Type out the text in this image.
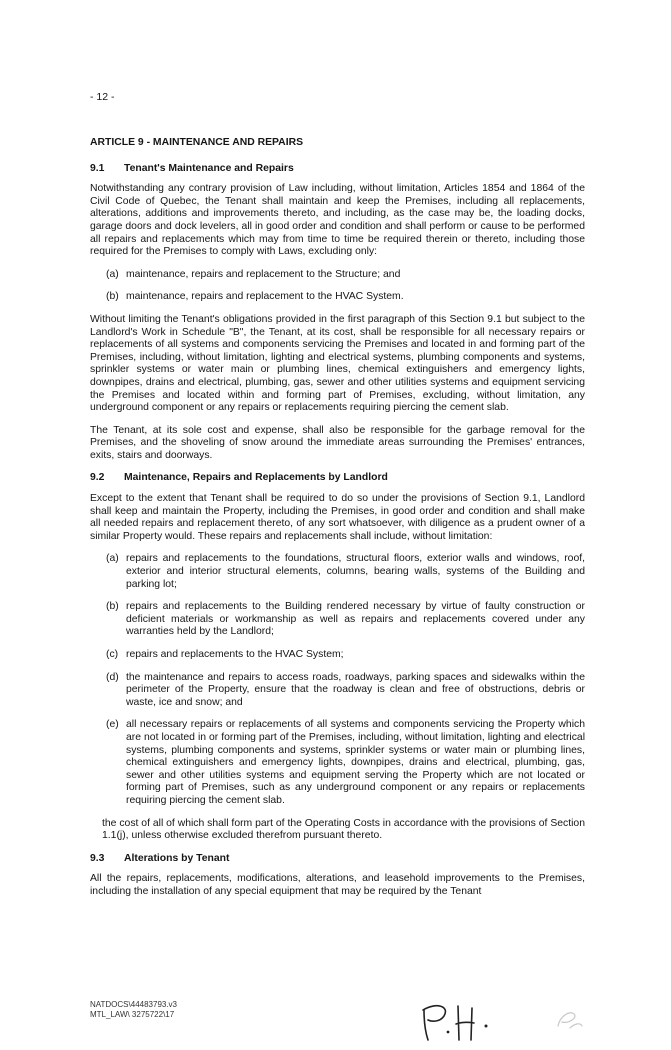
- 12 -

ARTICLE 9 - MAINTENANCE AND REPAIRS

9.1	Tenant's Maintenance and Repairs

Notwithstanding any contrary provision of Law including, without limitation, Articles 1854 and 1864 of the Civil Code of Quebec, the Tenant shall maintain and keep the Premises, including all replacements, alterations, additions and improvements thereto, and including, as the case may be, the loading docks, garage doors and dock levelers, all in good order and condition and shall perform or cause to be performed all repairs and replacements which may from time to time be required therein or thereto, including those required for the Premises to comply with Laws, excluding only:

(a) maintenance, repairs and replacement to the Structure; and
(b) maintenance, repairs and replacement to the HVAC System.

Without limiting the Tenant's obligations provided in the first paragraph of this Section 9.1 but subject to the Landlord's Work in Schedule "B", the Tenant, at its cost, shall be responsible for all necessary repairs or replacements of all systems and components servicing the Premises and located in and forming part of the Premises, including, without limitation, lighting and electrical systems, plumbing components and systems, sprinkler systems or water main or plumbing lines, chemical extinguishers and emergency lights, downpipes, drains and electrical, plumbing, gas, sewer and other utilities systems and equipment servicing the Premises and located within and forming part of Premises, excluding, without limitation, any underground component or any repairs or replacements requiring piercing the cement slab.

The Tenant, at its sole cost and expense, shall also be responsible for the garbage removal for the Premises, and the shoveling of snow around the immediate areas surrounding the Premises' entrances, exits, stairs and doorways.

9.2	Maintenance, Repairs and Replacements by Landlord

Except to the extent that Tenant shall be required to do so under the provisions of Section 9.1, Landlord shall keep and maintain the Property, including the Premises, in good order and condition and shall make all needed repairs and replacement thereto, of any sort whatsoever, with diligence as a prudent owner of a similar Property would. These repairs and replacements shall include, without limitation:

(a) repairs and replacements to the foundations, structural floors, exterior walls and windows, roof, exterior and interior structural elements, columns, bearing walls, systems of the Building and parking lot;
(b) repairs and replacements to the Building rendered necessary by virtue of faulty construction or deficient materials or workmanship as well as repairs and replacements covered under any warranties held by the Landlord;
(c) repairs and replacements to the HVAC System;
(d) the maintenance and repairs to access roads, roadways, parking spaces and sidewalks within the perimeter of the Property, ensure that the roadway is clean and free of obstructions, debris or waste, ice and snow; and
(e) all necessary repairs or replacements of all systems and components servicing the Property which are not located in or forming part of the Premises, including, without limitation, lighting and electrical systems, plumbing components and systems, sprinkler systems or water main or plumbing lines, chemical extinguishers and emergency lights, downpipes, drains and electrical, plumbing, gas, sewer and other utilities systems and equipment serving the Property which are not located or forming part of Premises, such as any underground component or any repairs or replacements requiring piercing the cement slab.

the cost of all of which shall form part of the Operating Costs in accordance with the provisions of Section 1.1(j), unless otherwise excluded therefrom pursuant thereto.

9.3	Alterations by Tenant

All the repairs, replacements, modifications, alterations, and leasehold improvements to the Premises, including the installation of any special equipment that may be required by the Tenant

NATDOCS\44483793.v3
MTL_LAW\ 3275722\17
